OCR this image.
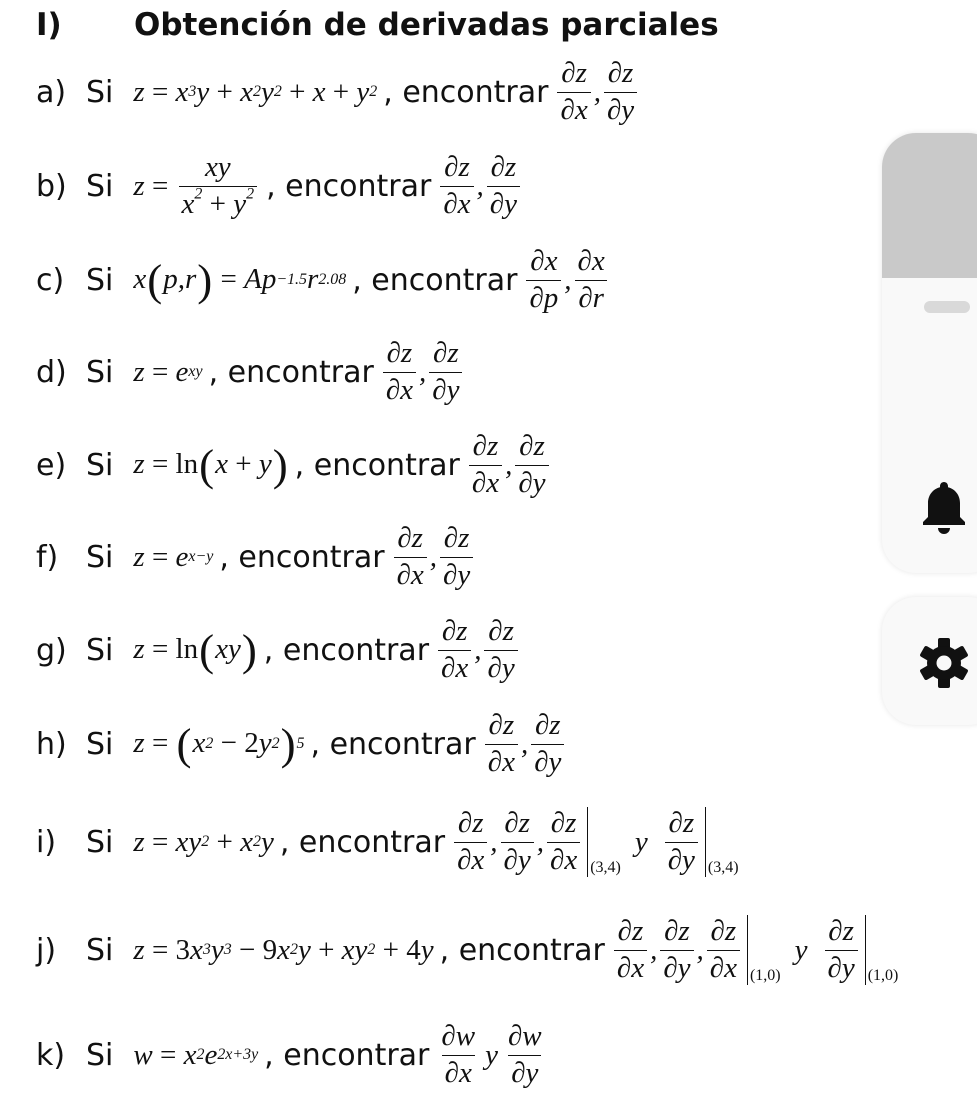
I)	Obtención de derivadas parciales
a) Si z = x 3 y + x 2 y 2 + x + y 2 , encontrar $\frac{\partial z}{\partial x}$ , $\frac{\partial z}{\partial y}$
b) Si $z = \frac{xy}{x^2 + y^2}$ , encontrar $\frac{\partial z}{\partial x}$ , $\frac{\partial z}{\partial y}$
c) Si x ( p,r ) = Ap −1.5 r 2.08 , encontrar $\frac{\partial x}{\partial p}$ , $\frac{\partial x}{\partial r}$
d) Si z = e xy , encontrar $\frac{\partial z}{\partial x}$ , $\frac{\partial z}{\partial y}$
e) Si z = ln ( x + y ) , encontrar $\frac{\partial z}{\partial x}$ , $\frac{\partial z}{\partial y}$
f) Si z = e x−y , encontrar $\frac{\partial z}{\partial x}$ , $\frac{\partial z}{\partial y}$
g) Si z = ln ( xy ) , encontrar $\frac{\partial z}{\partial x}$ , $\frac{\partial z}{\partial y}$
h) Si z = ( x 2 − 2 y 2 ) 5 , encontrar $\frac{\partial z}{\partial x}$ , $\frac{\partial z}{\partial y}$
i) Si z = xy 2 + x 2 y , encontrar $\frac{\partial z}{\partial x}$ , $\frac{\partial z}{\partial y}$ , $\frac{\partial z}{\partial x} (3,4)$
y $\frac{\partial z}{\partial y} (3,4)$
j) Si z = 3 x 3 y 3 − 9 x 2 y + xy 2 + 4 y , encontrar $\frac{\partial z}{\partial x}$ , $\frac{\partial z}{\partial y}$ , $\frac{\partial z}{\partial x} (1,0)$
y $\frac{\partial z}{\partial y} (1,0)$
k) Si w = x 2 e 2x+3y , encontrar $\frac{\partial w}{\partial x}$ y $\frac{\partial w}{\partial y}$
